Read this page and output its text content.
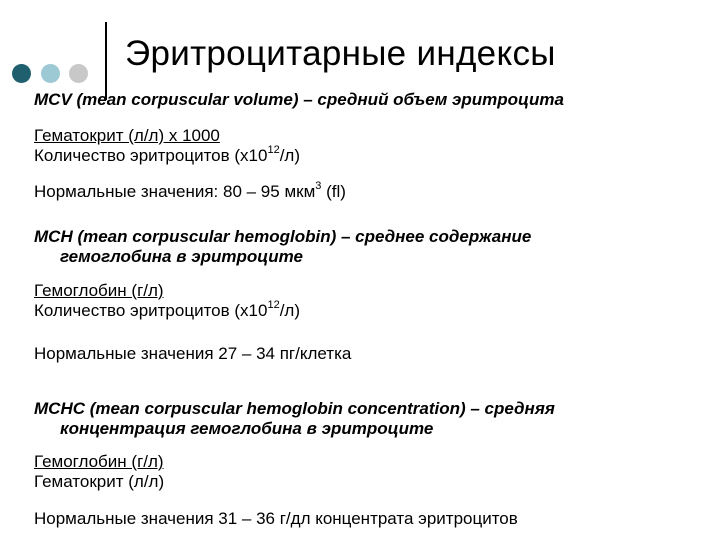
Эритроцитарные индексы
MCV (mean corpuscular volume) – средний объем эритроцита
Гематокрит (л/л) x 1000
Количество эритроцитов $(x10^{12}/л)$
Нормальные значения: 80 – 95 мкм$^3$ (fl)
MCH (mean corpuscular hemoglobin) – среднее содержание
гемоглобина в эритроците
Гемоглобин (г/л)
Количество эритроцитов $(x10^{12}/л)$
Нормальные значения 27 – 34 пг/клетка
MCHC (mean corpuscular hemoglobin concentration) – средняя
концентрация гемоглобина в эритроците
Гемоглобин (г/л)
Гематокрит (л/л)
Нормальные значения 31 – 36 г/дл концентрата эритроцитов
